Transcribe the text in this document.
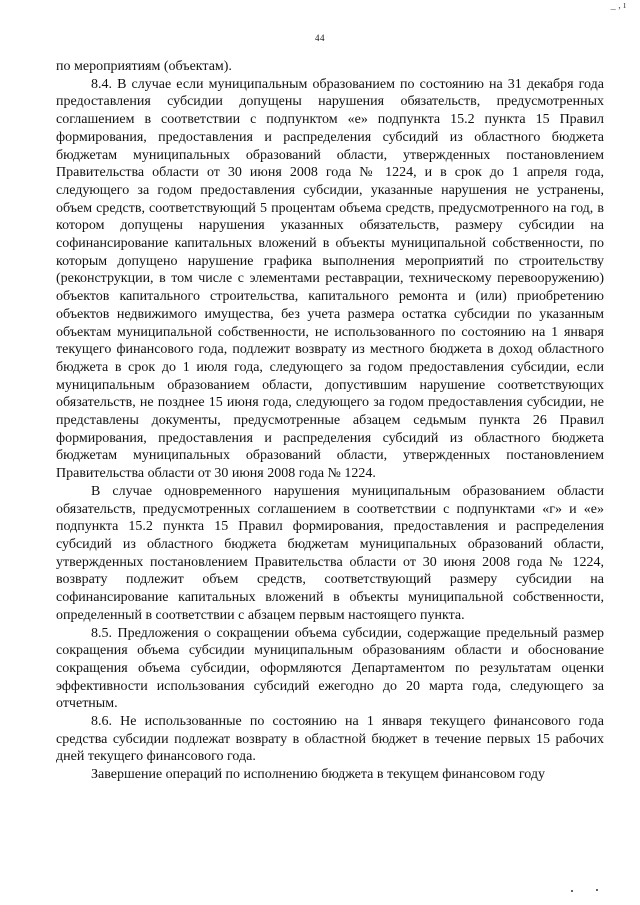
_ , ı
44

по мероприятиям (объектам).

8.4. В случае если муниципальным образованием по состоянию на 31 декабря года предоставления субсидии допущены нарушения обязательств, предусмотренных соглашением в соответствии с подпунктом «е» подпункта 15.2 пункта 15 Правил формирования, предоставления и распределения субсидий из областного бюджета бюджетам муниципальных образований области, утвержденных постановлением Правительства области от 30 июня 2008 года № 1224, и в срок до 1 апреля года, следующего за годом предоставления субсидии, указанные нарушения не устранены, объем средств, соответствующий 5 процентам объема средств, предусмотренного на год, в котором допущены нарушения указанных обязательств, размеру субсидии на софинансирование капитальных вложений в объекты муниципальной собственности, по которым допущено нарушение графика выполнения мероприятий по строительству (реконструкции, в том числе с элементами реставрации, техническому перевооружению) объектов капитального строительства, капитального ремонта и (или) приобретению объектов недвижимого имущества, без учета размера остатка субсидии по указанным объектам муниципальной собственности, не использованного по состоянию на 1 января текущего финансового года, подлежит возврату из местного бюджета в доход областного бюджета в срок до 1 июля года, следующего за годом предоставления субсидии, если муниципальным образованием области, допустившим нарушение соответствующих обязательств, не позднее 15 июня года, следующего за годом предоставления субсидии, не представлены документы, предусмотренные абзацем седьмым пункта 26 Правил формирования, предоставления и распределения субсидий из областного бюджета бюджетам муниципальных образований области, утвержденных постановлением Правительства области от 30 июня 2008 года № 1224.

В случае одновременного нарушения муниципальным образованием области обязательств, предусмотренных соглашением в соответствии с подпунктами «г» и «е» подпункта 15.2 пункта 15 Правил формирования, предоставления и распределения субсидий из областного бюджета бюджетам муниципальных образований области, утвержденных постановлением Правительства области от 30 июня 2008 года № 1224, возврату подлежит объем средств, соответствующий размеру субсидии на софинансирование капитальных вложений в объекты муниципальной собственности, определенный в соответствии с абзацем первым настоящего пункта.

8.5. Предложения о сокращении объема субсидии, содержащие предельный размер сокращения объема субсидии муниципальным образованиям области и обоснование сокращения объема субсидии, оформляются Департаментом по результатам оценки эффективности использования субсидий ежегодно до 20 марта года, следующего за отчетным.

8.6. Не использованные по состоянию на 1 января текущего финансового года средства субсидии подлежат возврату в областной бюджет в течение первых 15 рабочих дней текущего финансового года.

Завершение операций по исполнению бюджета в текущем финансовом году
